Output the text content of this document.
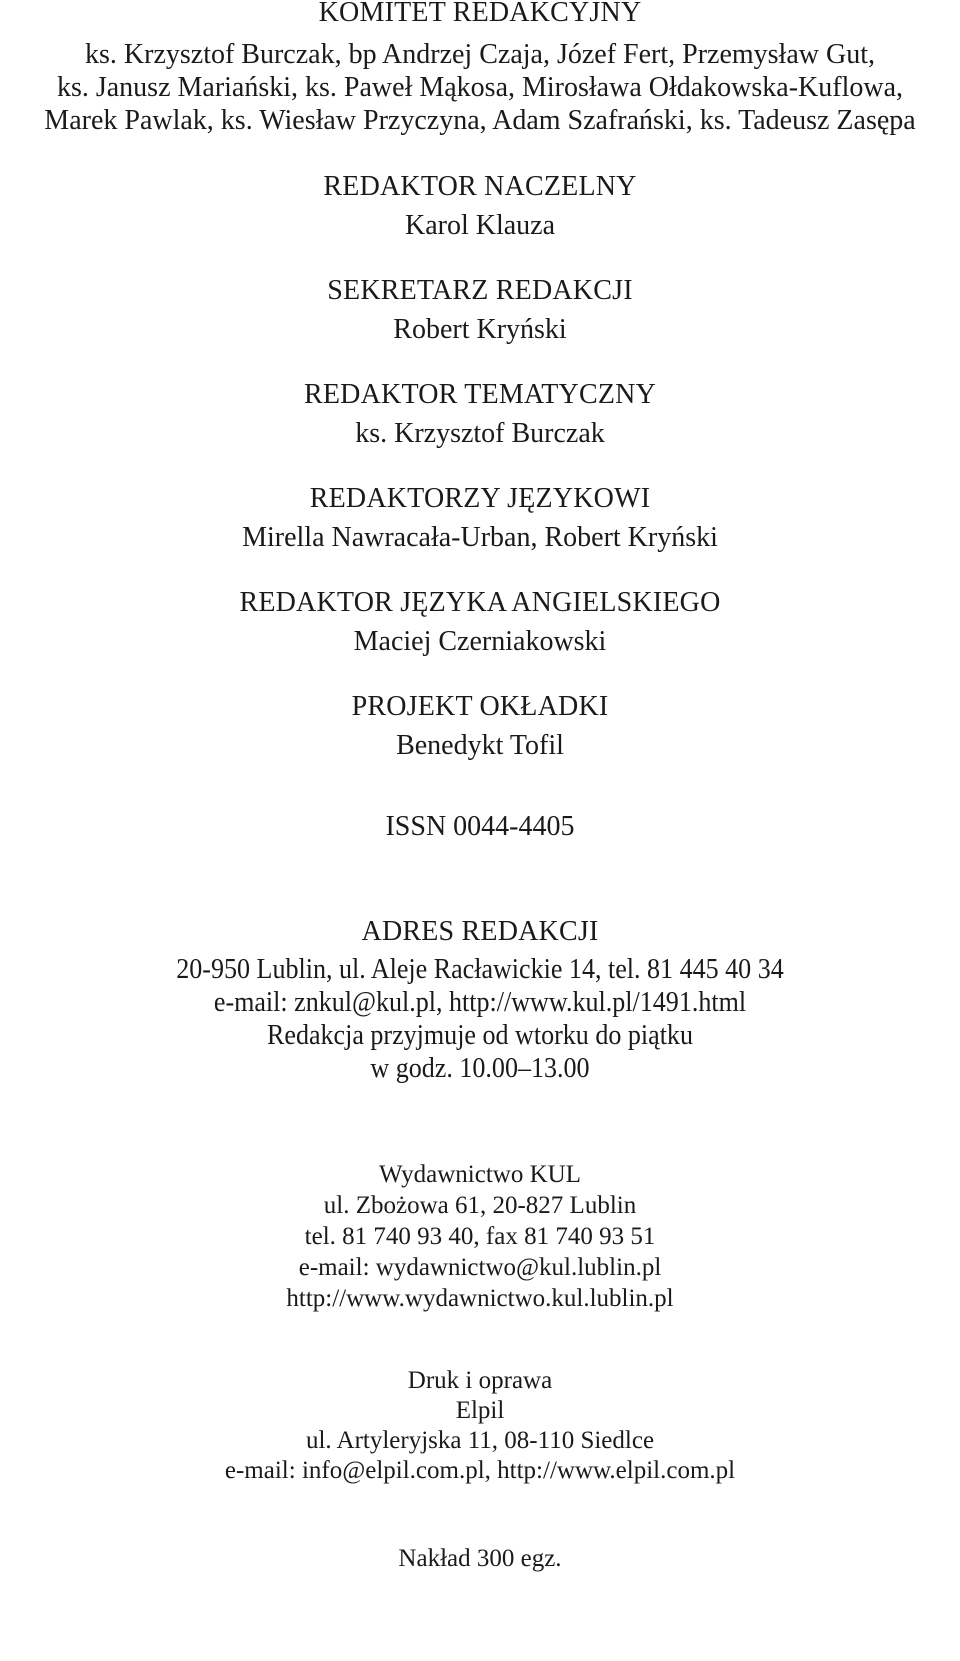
KOMITET REDAKCYJNY
ks. Krzysztof Burczak, bp Andrzej Czaja, Józef Fert, Przemysław Gut,
ks. Janusz Mariański, ks. Paweł Mąkosa, Mirosława Ołdakowska-Kuflowa,
Marek Pawlak, ks. Wiesław Przyczyna, Adam Szafrański, ks. Tadeusz Zasępa
REDAKTOR NACZELNY
Karol Klauza
SEKRETARZ REDAKCJI
Robert Kryński
REDAKTOR TEMATYCZNY
ks. Krzysztof Burczak
REDAKTORZY JĘZYKOWI
Mirella Nawracała-Urban, Robert Kryński
REDAKTOR JĘZYKA ANGIELSKIEGO
Maciej Czerniakowski
PROJEKT OKŁADKI
Benedykt Tofil
ISSN 0044-4405
ADRES REDAKCJI
20-950 Lublin, ul. Aleje Racławickie 14, tel. 81 445 40 34
e-mail: znkul@kul.pl, http://www.kul.pl/1491.html
Redakcja przyjmuje od wtorku do piątku
w godz. 10.00–13.00
Wydawnictwo KUL
ul. Zbożowa 61, 20-827 Lublin
tel. 81 740 93 40, fax 81 740 93 51
e-mail: wydawnictwo@kul.lublin.pl
http://www.wydawnictwo.kul.lublin.pl
Druk i oprawa
Elpil
ul. Artyleryjska 11, 08-110 Siedlce
e-mail: info@elpil.com.pl, http://www.elpil.com.pl
Nakład 300 egz.
